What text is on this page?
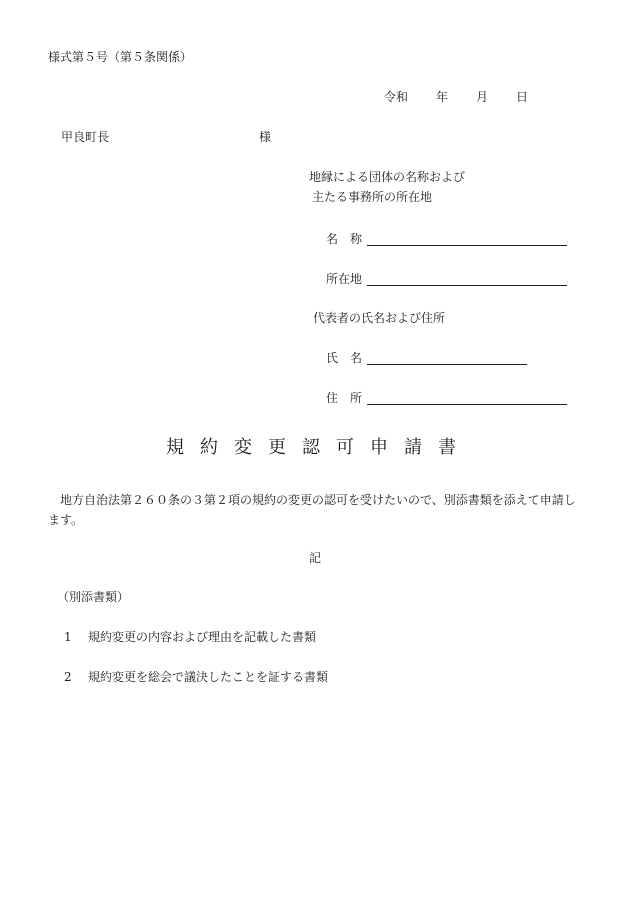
様式第５号（第５条関係）
令和 年 月 日
甲良町長	様
地縁による団体の名称および
主たる事務所の所在地
名　称
所在地
代表者の氏名および住所
氏　名
住　所
規約変更認可申請書
地方自治法第２６０条の３第２項の規約の変更の認可を受けたいので、別添書類を添えて申請します。
記
（別添書類）
1 規約変更の内容および理由を記載した書類
2 規約変更を総会で議決したことを証する書類
